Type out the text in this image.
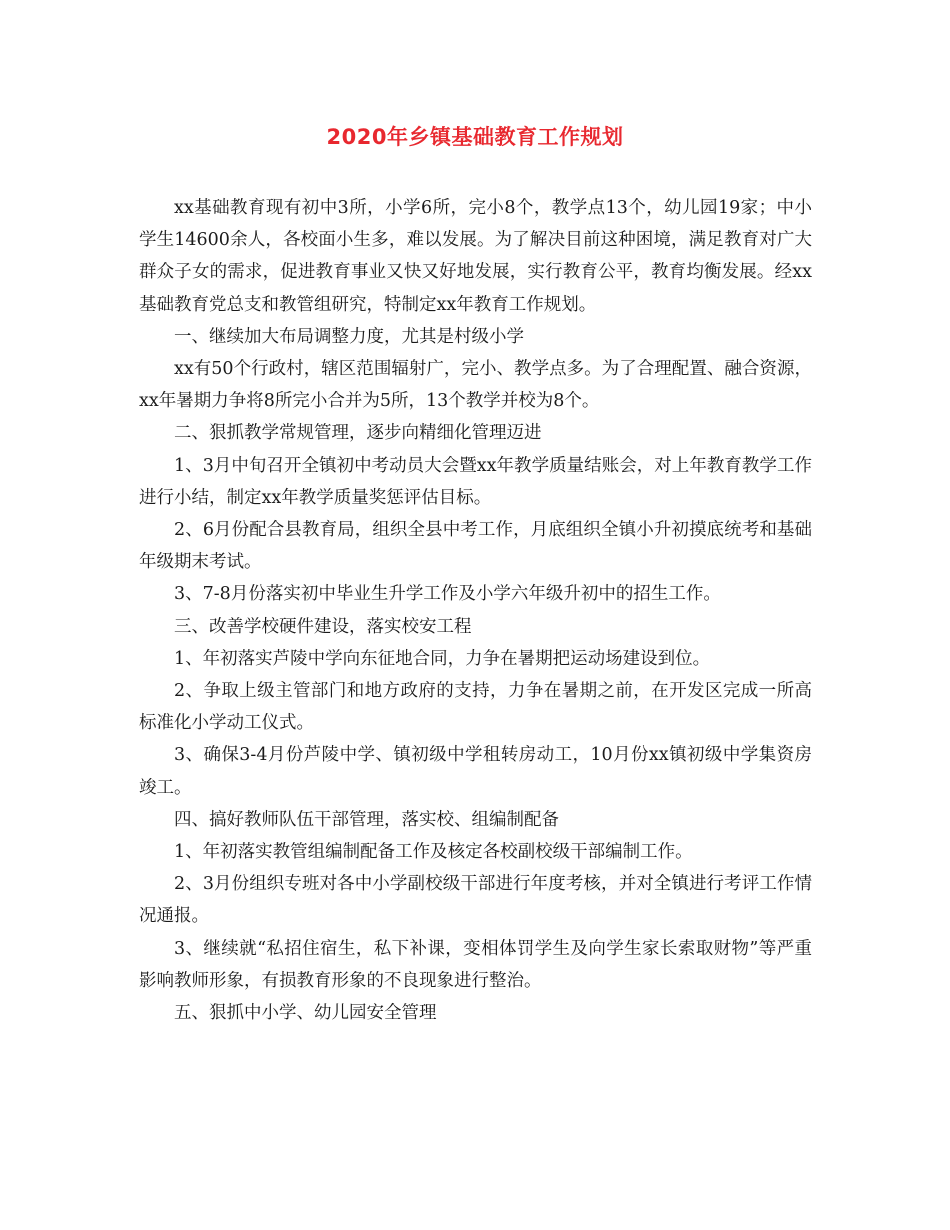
2020年乡镇基础教育工作规划

xx基础教育现有初中3所，小学6所，完小8个，教学点13个，幼儿园19家；中小学生14600余人，各校面小生多，难以发展。为了解决目前这种困境，满足教育对广大群众子女的需求，促进教育事业又快又好地发展，实行教育公平，教育均衡发展。经xx基础教育党总支和教管组研究，特制定xx年教育工作规划。

一、继续加大布局调整力度，尤其是村级小学

xx有50个行政村，辖区范围辐射广，完小、教学点多。为了合理配置、融合资源，xx年暑期力争将8所完小合并为5所，13个教学并校为8个。

二、狠抓教学常规管理，逐步向精细化管理迈进

1、3月中旬召开全镇初中考动员大会暨xx年教学质量结账会，对上年教育教学工作进行小结，制定xx年教学质量奖惩评估目标。

2、6月份配合县教育局，组织全县中考工作，月底组织全镇小升初摸底统考和基础年级期末考试。

3、7-8月份落实初中毕业生升学工作及小学六年级升初中的招生工作。

三、改善学校硬件建设，落实校安工程

1、年初落实芦陵中学向东征地合同，力争在暑期把运动场建设到位。

2、争取上级主管部门和地方政府的支持，力争在暑期之前，在开发区完成一所高标准化小学动工仪式。

3、确保3-4月份芦陵中学、镇初级中学租转房动工，10月份xx镇初级中学集资房竣工。

四、搞好教师队伍干部管理，落实校、组编制配备

1、年初落实教管组编制配备工作及核定各校副校级干部编制工作。

2、3月份组织专班对各中小学副校级干部进行年度考核，并对全镇进行考评工作情况通报。

3、继续就“私招住宿生，私下补课，变相体罚学生及向学生家长索取财物”等严重影响教师形象，有损教育形象的不良现象进行整治。

五、狠抓中小学、幼儿园安全管理
